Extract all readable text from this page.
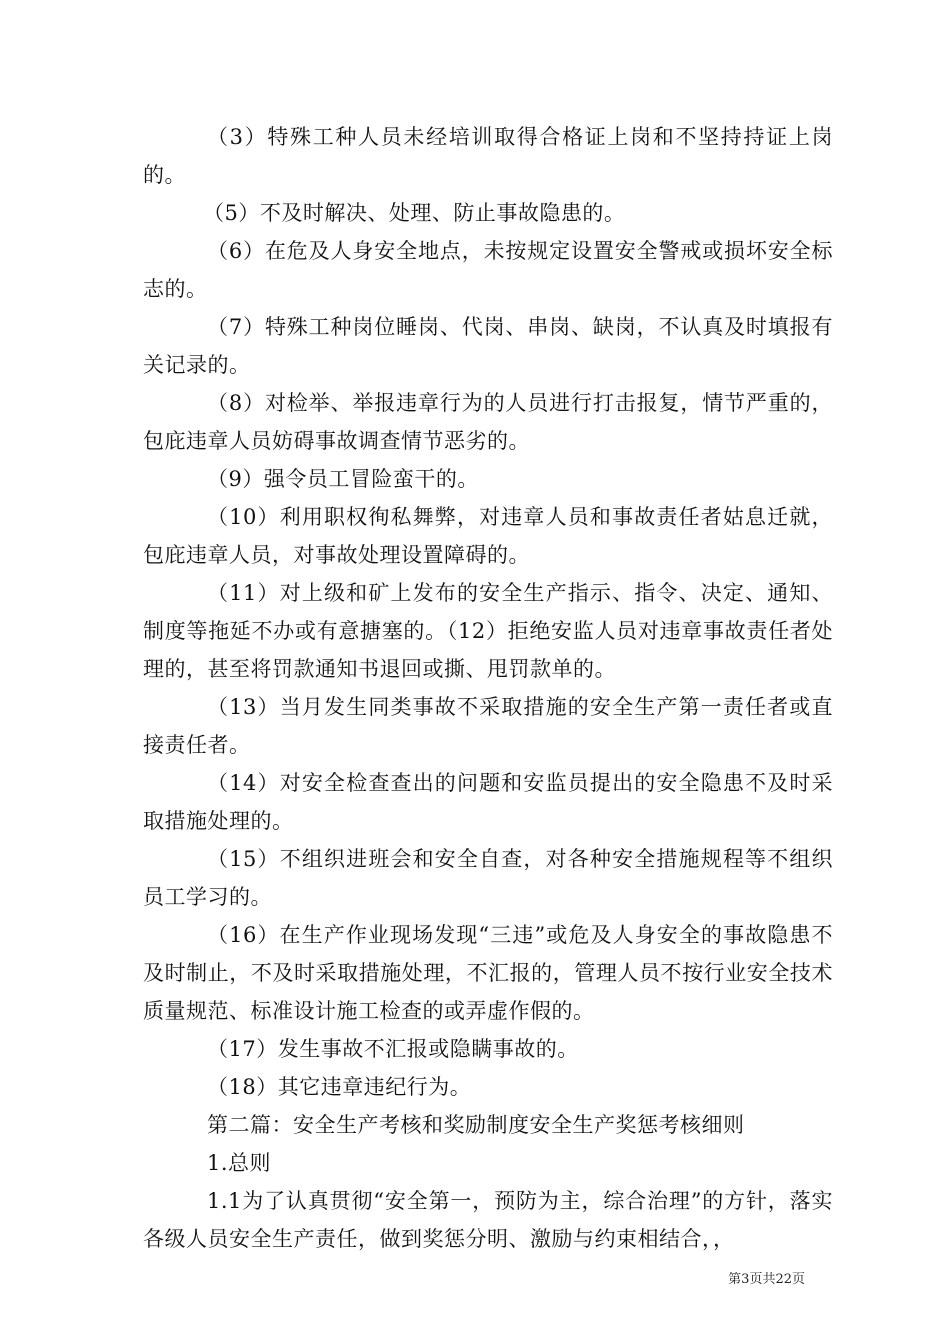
（3）特殊工种人员未经培训取得合格证上岗和不坚持持证上岗的。

（5）不及时解决、处理、防止事故隐患的。

（6）在危及人身安全地点，未按规定设置安全警戒或损坏安全标志的。

（7）特殊工种岗位睡岗、代岗、串岗、缺岗，不认真及时填报有关记录的。

（8）对检举、举报违章行为的人员进行打击报复，情节严重的，包庇违章人员妨碍事故调查情节恶劣的。

（9）强令员工冒险蛮干的。

（10）利用职权徇私舞弊，对违章人员和事故责任者姑息迁就，包庇违章人员，对事故处理设置障碍的。

（11）对上级和矿上发布的安全生产指示、指令、决定、通知、制度等拖延不办或有意搪塞的。（12）拒绝安监人员对违章事故责任者处理的，甚至将罚款通知书退回或撕、甩罚款单的。

（13）当月发生同类事故不采取措施的安全生产第一责任者或直接责任者。

（14）对安全检查查出的问题和安监员提出的安全隐患不及时采取措施处理的。

（15）不组织进班会和安全自查，对各种安全措施规程等不组织员工学习的。

（16）在生产作业现场发现“三违”或危及人身安全的事故隐患不及时制止，不及时采取措施处理，不汇报的，管理人员不按行业安全技术质量规范、标准设计施工检查的或弄虚作假的。

（17）发生事故不汇报或隐瞒事故的。

（18）其它违章违纪行为。

第二篇：安全生产考核和奖励制度安全生产奖惩考核细则

1.总则

1.1为了认真贯彻“安全第一，预防为主，综合治理”的方针，落实各级人员安全生产责任，做到奖惩分明、激励与约束相结合，，

第3页共22页
